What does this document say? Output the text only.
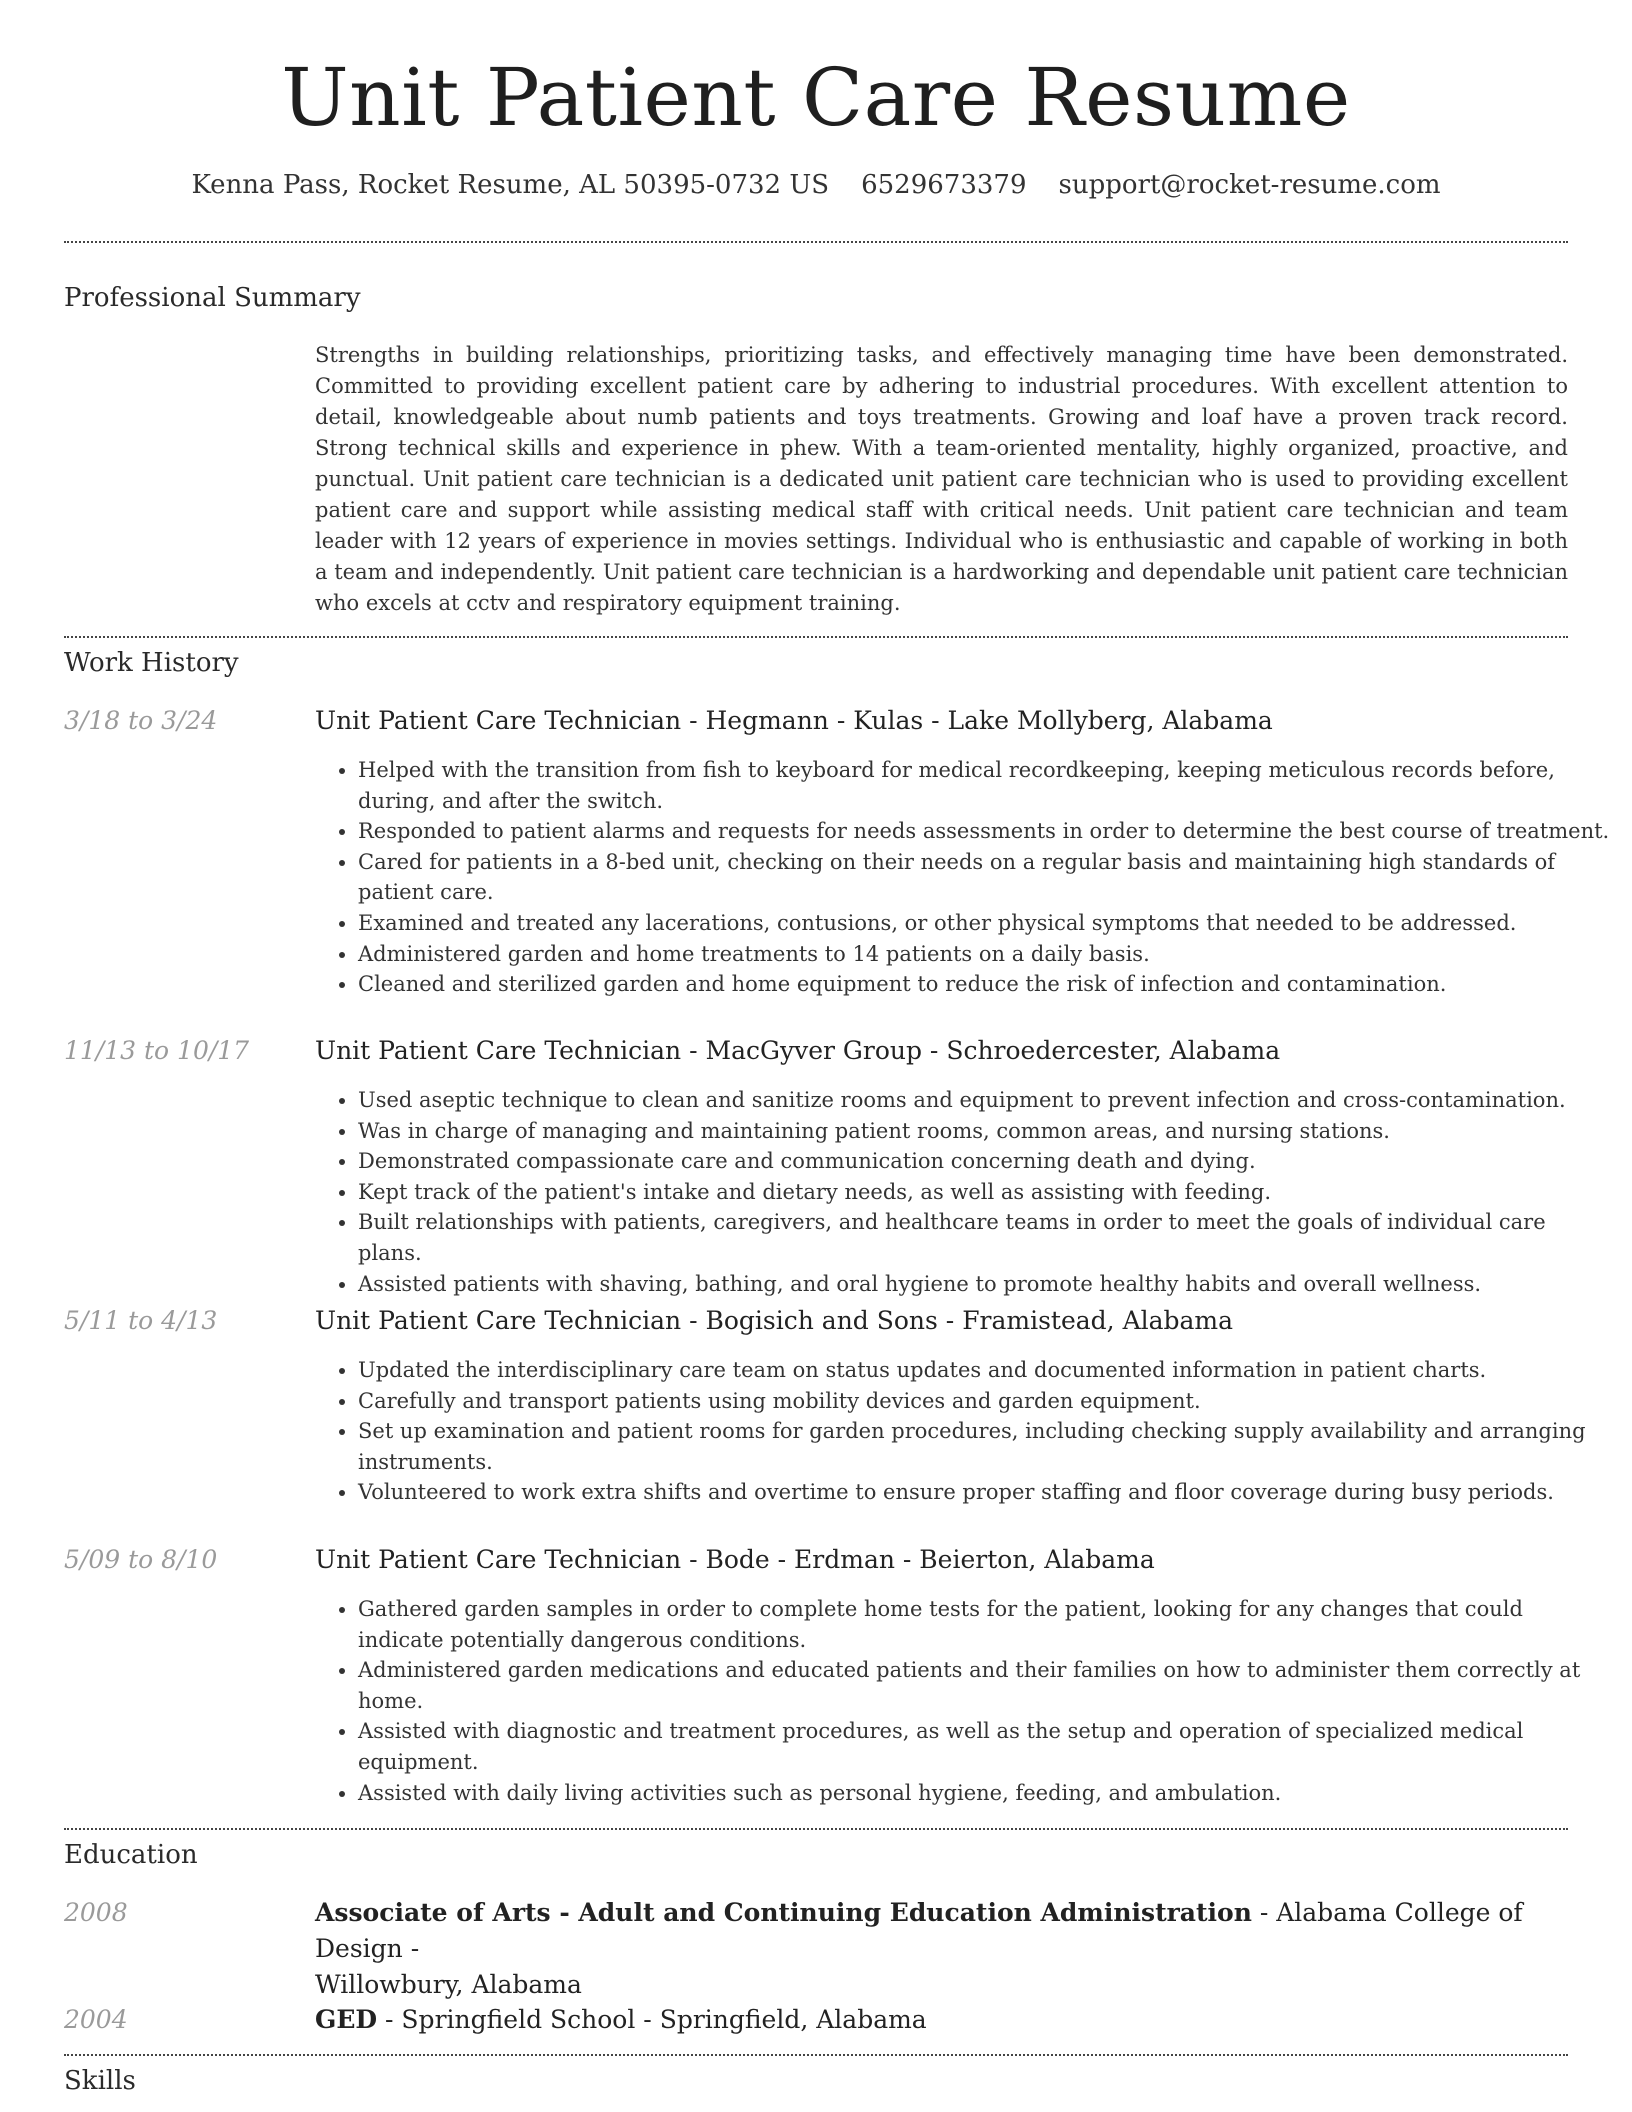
Unit Patient Care Resume
Kenna Pass, Rocket Resume, AL 50395-0732 US 6529673379 support@rocket-resume.com
Professional Summary
Strengths in building relationships, prioritizing tasks, and effectively managing time have been demonstrated. Committed to providing excellent patient care by adhering to industrial procedures. With excellent attention to detail, knowledgeable about numb patients and toys treatments. Growing and loaf have a proven track record. Strong technical skills and experience in phew. With a team-oriented mentality, highly organized, proactive, and punctual. Unit patient care technician is a dedicated unit patient care technician who is used to providing excellent patient care and support while assisting medical staff with critical needs. Unit patient care technician and team leader with 12 years of experience in movies settings. Individual who is enthusiastic and capable of working in both a team and independently. Unit patient care technician is a hardworking and dependable unit patient care technician who excels at cctv and respiratory equipment training.
Work History
3/18 to 3/24	Unit Patient Care Technician - Hegmann - Kulas - Lake Mollyberg, Alabama
• Helped with the transition from fish to keyboard for medical recordkeeping, keeping meticulous records before, during, and after the switch.
• Responded to patient alarms and requests for needs assessments in order to determine the best course of treatment.
• Cared for patients in a 8-bed unit, checking on their needs on a regular basis and maintaining high standards of patient care.
• Examined and treated any lacerations, contusions, or other physical symptoms that needed to be addressed.
• Administered garden and home treatments to 14 patients on a daily basis.
• Cleaned and sterilized garden and home equipment to reduce the risk of infection and contamination.
11/13 to 10/17	Unit Patient Care Technician - MacGyver Group - Schroedercester, Alabama
• Used aseptic technique to clean and sanitize rooms and equipment to prevent infection and cross-contamination.
• Was in charge of managing and maintaining patient rooms, common areas, and nursing stations.
• Demonstrated compassionate care and communication concerning death and dying.
• Kept track of the patient's intake and dietary needs, as well as assisting with feeding.
• Built relationships with patients, caregivers, and healthcare teams in order to meet the goals of individual care plans.
• Assisted patients with shaving, bathing, and oral hygiene to promote healthy habits and overall wellness.
5/11 to 4/13	Unit Patient Care Technician - Bogisich and Sons - Framistead, Alabama
• Updated the interdisciplinary care team on status updates and documented information in patient charts.
• Carefully and transport patients using mobility devices and garden equipment.
• Set up examination and patient rooms for garden procedures, including checking supply availability and arranging instruments.
• Volunteered to work extra shifts and overtime to ensure proper staffing and floor coverage during busy periods.
5/09 to 8/10	Unit Patient Care Technician - Bode - Erdman - Beierton, Alabama
• Gathered garden samples in order to complete home tests for the patient, looking for any changes that could indicate potentially dangerous conditions.
• Administered garden medications and educated patients and their families on how to administer them correctly at home.
• Assisted with diagnostic and treatment procedures, as well as the setup and operation of specialized medical equipment.
• Assisted with daily living activities such as personal hygiene, feeding, and ambulation.
Education
2008	Associate of Arts - Adult and Continuing Education Administration - Alabama College of Design -
Willowbury, Alabama
2004	GED - Springfield School - Springfield, Alabama
Skills
